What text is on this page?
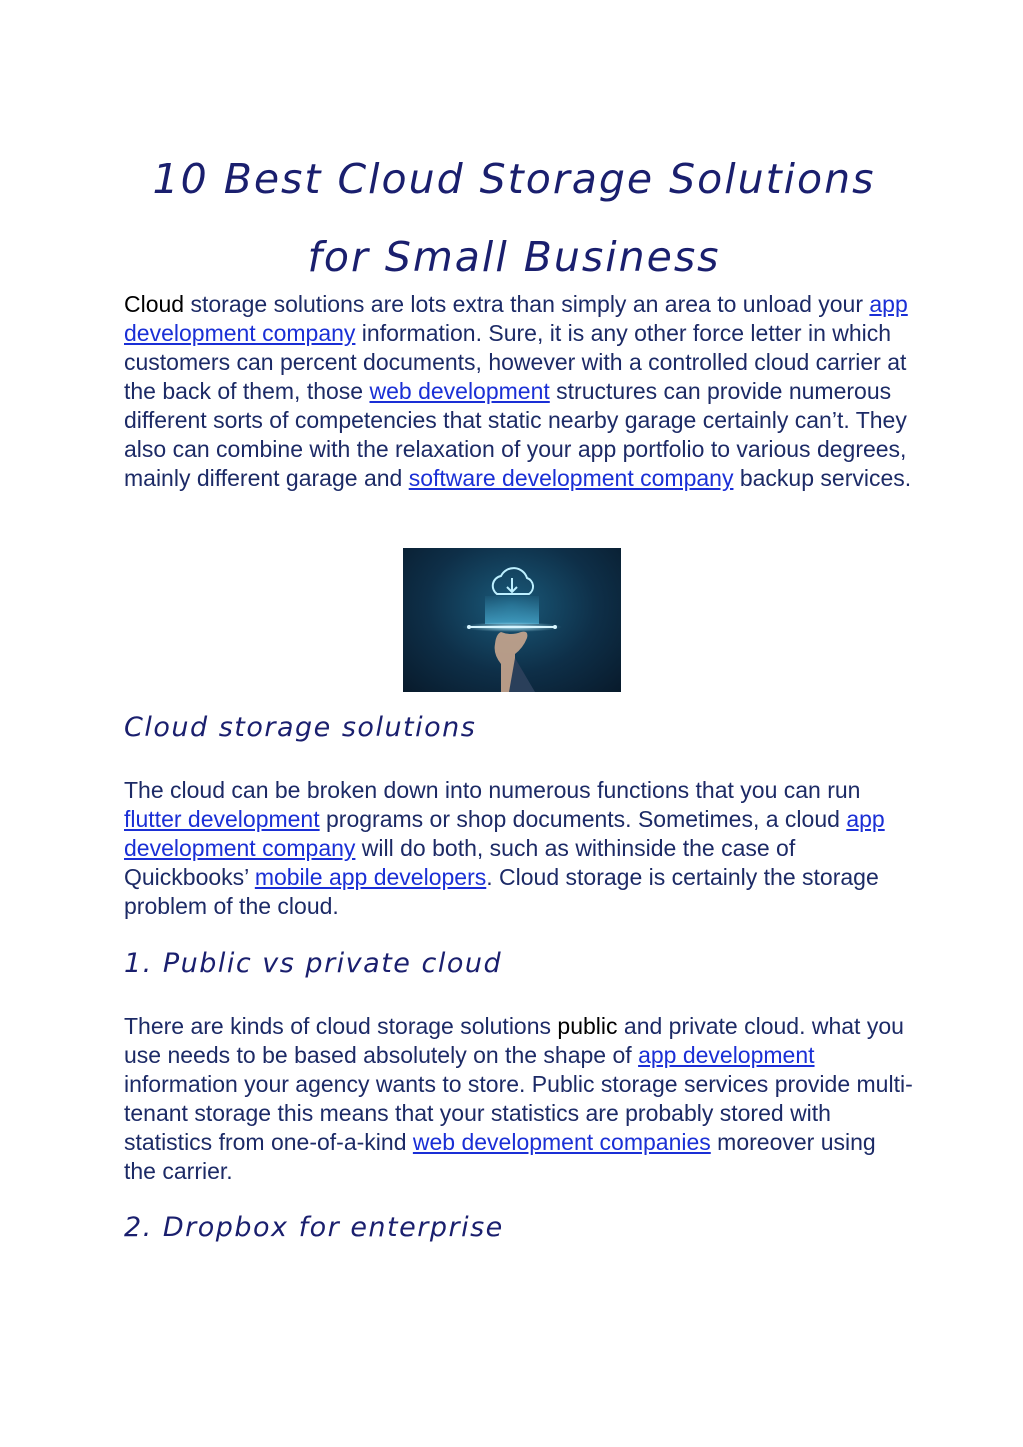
10 Best Cloud Storage Solutions
for Small Business

Cloud storage solutions are lots extra than simply an area to unload your app development company information. Sure, it is any other force letter in which customers can percent documents, however with a controlled cloud carrier at the back of them, those web development structures can provide numerous different sorts of competencies that static nearby garage certainly can’t. They also can combine with the relaxation of your app portfolio to various degrees, mainly different garage and software development company backup services.

Cloud storage solutions

The cloud can be broken down into numerous functions that you can run flutter development programs or shop documents. Sometimes, a cloud app development company will do both, such as withinside the case of Quickbooks’ mobile app developers. Cloud storage is certainly the storage problem of the cloud.

1. Public vs private cloud

There are kinds of cloud storage solutions public and private cloud. what you use needs to be based absolutely on the shape of app development information your agency wants to store. Public storage services provide multi-tenant storage this means that your statistics are probably stored with statistics from one-of-a-kind web development companies moreover using the carrier.

2. Dropbox for enterprise
